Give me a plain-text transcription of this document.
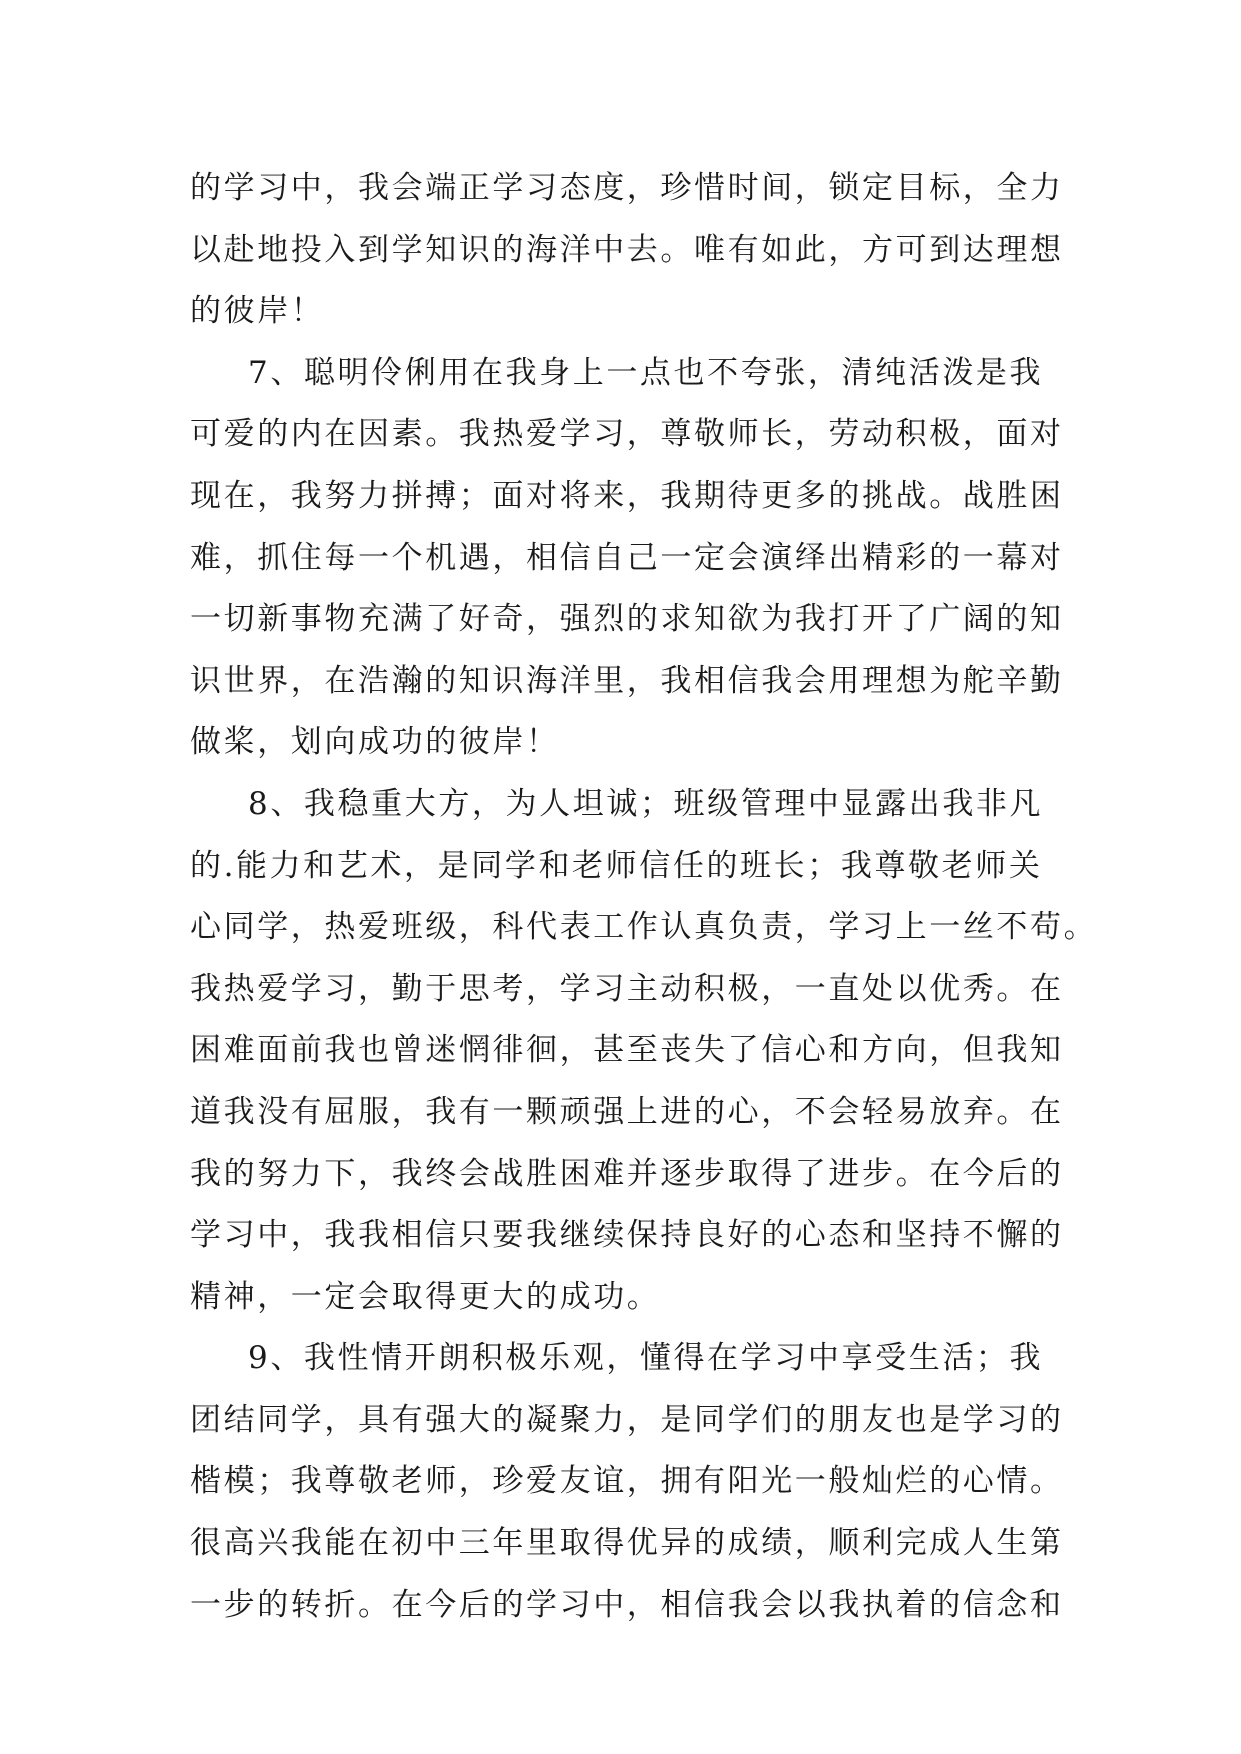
的学习中，我会端正学习态度，珍惜时间，锁定目标，全力
以赴地投入到学知识的海洋中去。唯有如此，方可到达理想
的彼岸！
7、聪明伶俐用在我身上一点也不夸张，清纯活泼是我
可爱的内在因素。我热爱学习，尊敬师长，劳动积极，面对
现在，我努力拼搏；面对将来，我期待更多的挑战。战胜困
难，抓住每一个机遇，相信自己一定会演绎出精彩的一幕对
一切新事物充满了好奇，强烈的求知欲为我打开了广阔的知
识世界，在浩瀚的知识海洋里，我相信我会用理想为舵辛勤
做桨，划向成功的彼岸！
8、我稳重大方，为人坦诚；班级管理中显露出我非凡
的.能力和艺术，是同学和老师信任的班长；我尊敬老师关
心同学，热爱班级，科代表工作认真负责，学习上一丝不苟。
我热爱学习，勤于思考，学习主动积极，一直处以优秀。在
困难面前我也曾迷惘徘徊，甚至丧失了信心和方向，但我知
道我没有屈服，我有一颗顽强上进的心，不会轻易放弃。在
我的努力下，我终会战胜困难并逐步取得了进步。在今后的
学习中，我我相信只要我继续保持良好的心态和坚持不懈的
精神，一定会取得更大的成功。
9、我性情开朗积极乐观，懂得在学习中享受生活；我
团结同学，具有强大的凝聚力，是同学们的朋友也是学习的
楷模；我尊敬老师，珍爱友谊，拥有阳光一般灿烂的心情。
很高兴我能在初中三年里取得优异的成绩，顺利完成人生第
一步的转折。在今后的学习中，相信我会以我执着的信念和
